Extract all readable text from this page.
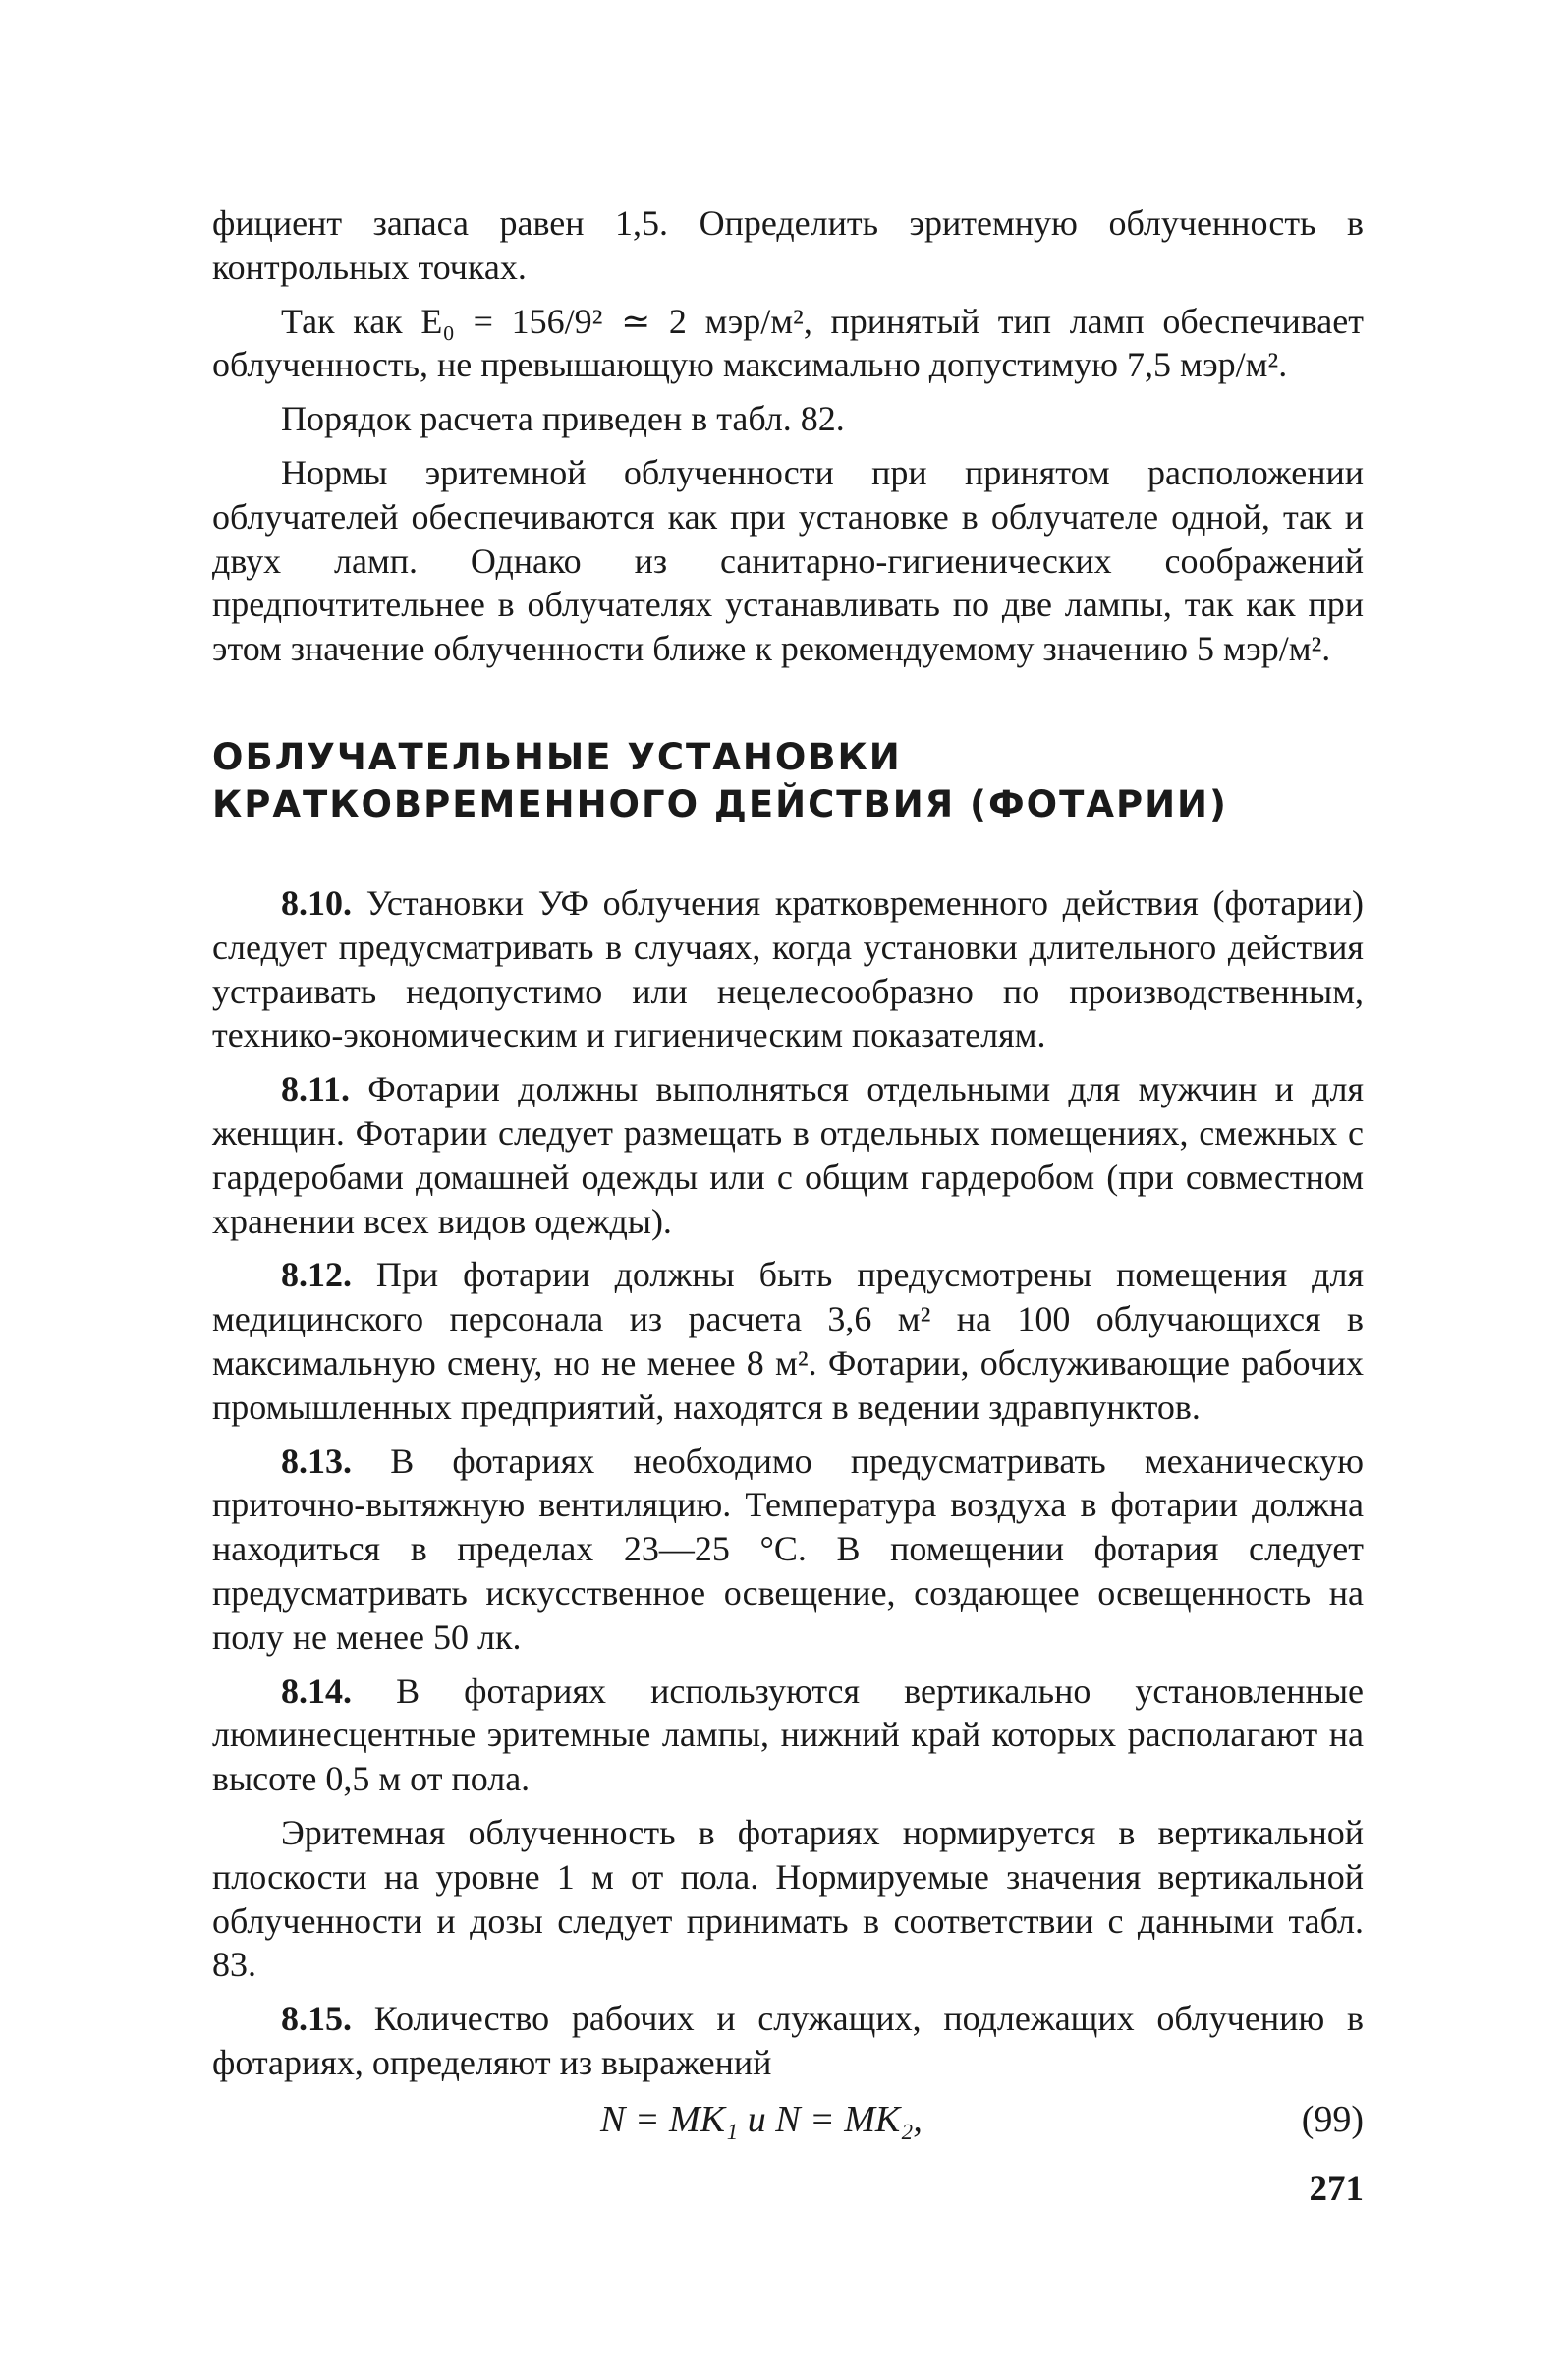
фициент запаса равен 1,5. Определить эритемную облученность в контрольных точках.

Так как E₀ = 156/9² ≃ 2 мэр/м², принятый тип ламп обеспечивает облученность, не превышающую максимально допустимую 7,5 мэр/м².

Порядок расчета приведен в табл. 82.

Нормы эритемной облученности при принятом расположении облучателей обеспечиваются как при установке в облучателе одной, так и двух ламп. Однако из санитарно-гигиенических соображений предпочтительнее в облучателях устанавливать по две лампы, так как при этом значение облученности ближе к рекомендуемому значению 5 мэр/м².

ОБЛУЧАТЕЛЬНЫЕ УСТАНОВКИ
КРАТКОВРЕМЕННОГО ДЕЙСТВИЯ (ФОТАРИИ)

8.10. Установки УФ облучения кратковременного действия (фотарии) следует предусматривать в случаях, когда установки длительного действия устраивать недопустимо или нецелесообразно по производственным, технико-экономическим и гигиеническим показателям.

8.11. Фотарии должны выполняться отдельными для мужчин и для женщин. Фотарии следует размещать в отдельных помещениях, смежных с гардеробами домашней одежды или с общим гардеробом (при совместном хранении всех видов одежды).

8.12. При фотарии должны быть предусмотрены помещения для медицинского персонала из расчета 3,6 м² на 100 облучающихся в максимальную смену, но не менее 8 м². Фотарии, обслуживающие рабочих промышленных предприятий, находятся в ведении здравпунктов.

8.13. В фотариях необходимо предусматривать механическую приточно-вытяжную вентиляцию. Температура воздуха в фотарии должна находиться в пределах 23—25 °С. В помещении фотария следует предусматривать искусственное освещение, создающее освещенность на полу не менее 50 лк.

8.14. В фотариях используются вертикально установленные люминесцентные эритемные лампы, нижний край которых располагают на высоте 0,5 м от пола.

Эритемная облученность в фотариях нормируется в вертикальной плоскости на уровне 1 м от пола. Нормируемые значения вертикальной облученности и дозы следует принимать в соответствии с данными табл. 83.

8.15. Количество рабочих и служащих, подлежащих облучению в фотариях, определяют из выражений

N = MK₁ и N = MK₂,	(99)
271
